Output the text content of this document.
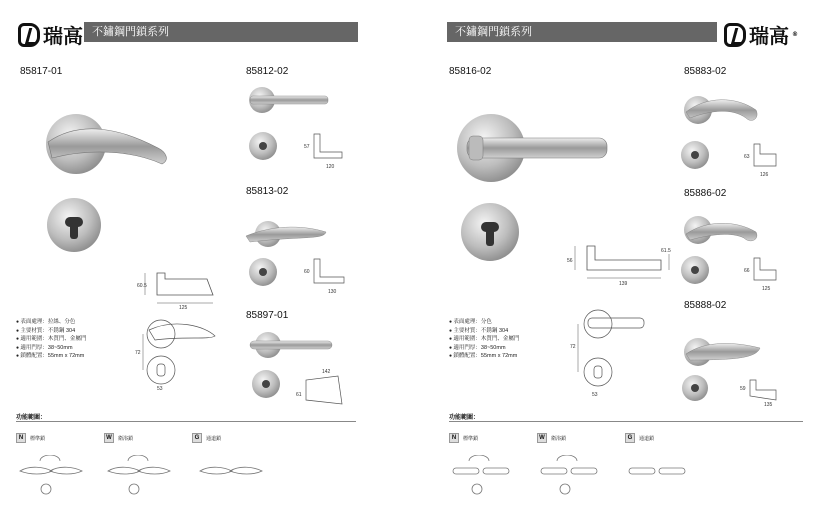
瑞高 不鏽鋼門鎖系列
85817-01
60.5
125
72
53
● 表面處理：拉絲、分色
● 主要材質：不銹鋼 304
● 適用範圍：木質門、金屬門
● 適用門厚：38~50mm
● 鎖體配置：55mm x 72mm
85812-02
57
120
85813-02
60
130
85897-01
142
61
功能範圍：
N	標準鎖	W	衛浴鎖	G	通道鎖
不鏽鋼門鎖系列	瑞高 ®
85816-02
56
61.5
139
72
53
● 表面處理：分色
● 主要材質：不銹鋼 304
● 適用範圍：木質門、金屬門
● 適用門厚：38~50mm
● 鎖體配置：55mm x 72mm
85883-02
63
126
85886-02
66
125
85888-02
59
135
功能範圍：
N	標準鎖	W	衛浴鎖	G	通道鎖
